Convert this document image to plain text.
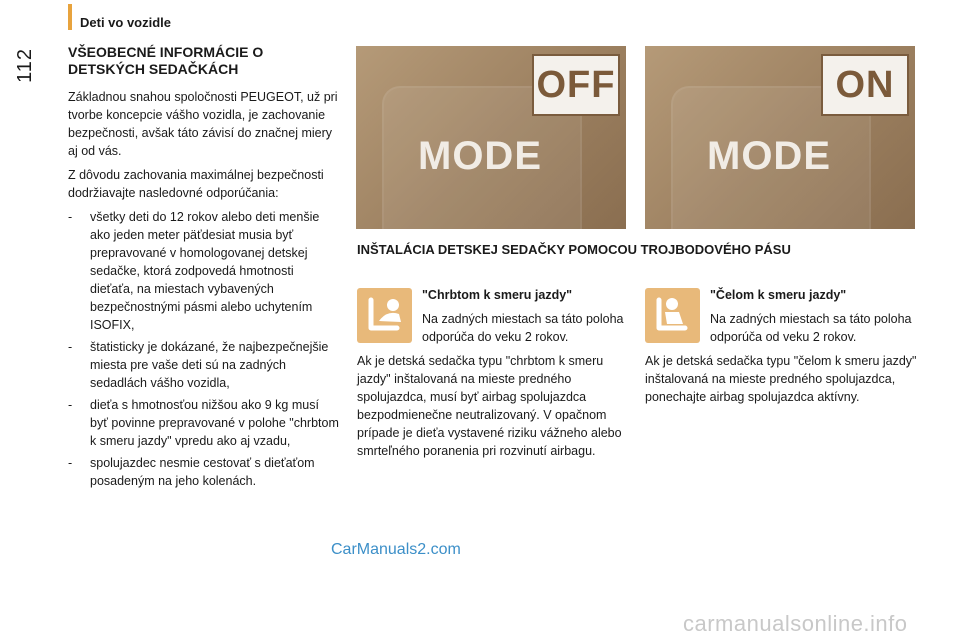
Deti vo vozidle
112 VŠEOBECNÉ INFORMÁCIE O
DETSKÝCH SEDAČKÁCH

Základnou snahou spoločnosti PEUGEOT, už pri tvorbe koncepcie vášho vozidla, je zachovanie bezpečnosti, avšak táto závisí do značnej miery aj od vás.

Z dôvodu zachovania maximálnej bezpečnosti dodržiavajte nasledovné odporúčania:

- všetky deti do 12 rokov alebo deti menšie ako jeden meter päťdesiat musia byť prepravované v homologovanej detskej sedačke, ktorá zodpovedá hmotnosti dieťaťa, na miestach vybavených bezpečnostnými pásmi alebo uchytením ISOFIX,
- štatisticky je dokázané, že najbezpečnejšie miesta pre vaše deti sú na zadných sedadlách vášho vozidla,
- dieťa s hmotnosťou nižšou ako 9 kg musí byť povinne prepravované v polohe "chrbtom k smeru jazdy" vpredu ako aj vzadu,
- spolujazdec nesmie cestovať s dieťaťom posadeným na jeho kolenách.
OFF
MODE
ON
MODE
INŠTALÁCIA DETSKEJ SEDAČKY POMOCOU TROJBODOVÉHO PÁSU
"Chrbtom k smeru jazdy"

Na zadných miestach sa táto poloha odporúča do veku 2 rokov.

Ak je detská sedačka typu "chrbtom k smeru jazdy" inštalovaná na mieste predného spolujazdca, musí byť airbag spolujazdca bezpodmienečne neutralizovaný. V opačnom prípade je dieťa vystavené riziku vážneho alebo smrteľného poranenia pri rozvinutí airbagu.

"Čelom k smeru jazdy"

Na zadných miestach sa táto poloha odporúča od veku 2 rokov.

Ak je detská sedačka typu "čelom k smeru jazdy" inštalovaná na mieste predného spolujazdca, ponechajte airbag spolujazdca aktívny.

CarManuals2.com
carmanualsonline.info
